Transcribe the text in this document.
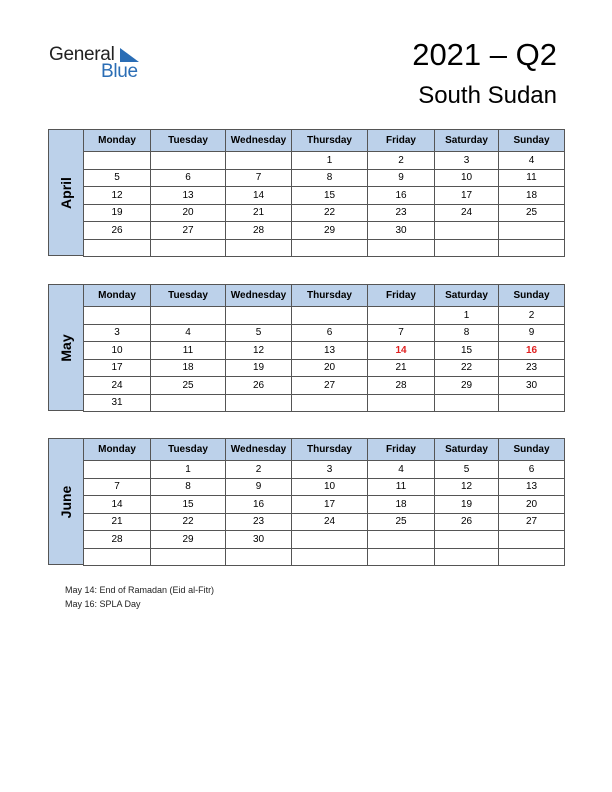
General
Blue	2021 – Q2
South Sudan
April
Monday	Tuesday	Wednesday	Thursday	Friday	Saturday	Sunday
			1	2	3	4
5	6	7	8	9	10	11
12	13	14	15	16	17	18
19	20	21	22	23	24	25
26	27	28	29	30		

May
Monday	Tuesday	Wednesday	Thursday	Friday	Saturday	Sunday
					1	2
3	4	5	6	7	8	9
10	11	12	13	14	15	16
17	18	19	20	21	22	23
24	25	26	27	28	29	30
31						
June
Monday	Tuesday	Wednesday	Thursday	Friday	Saturday	Sunday
	1	2	3	4	5	6
7	8	9	10	11	12	13
14	15	16	17	18	19	20
21	22	23	24	25	26	27
28	29	30				

May 14: End of Ramadan (Eid al-Fitr)
May 16: SPLA Day
